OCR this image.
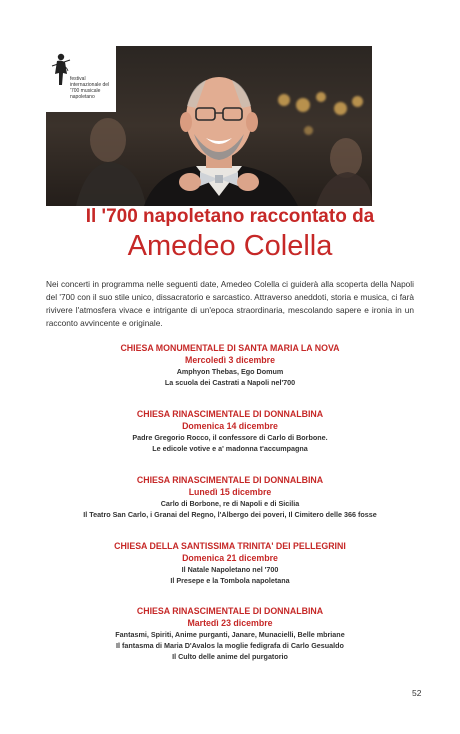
festival internazionale del '700 musicale napoletano
Il '700 napoletano raccontato da
Amedeo Colella
Nei concerti in programma nelle seguenti date, Amedeo Colella ci guiderà alla scoperta della Napoli del '700 con il suo stile unico, dissacratorio e sarcastico. Attraverso aneddoti, storia e musica, ci farà rivivere l'atmosfera vivace e intrigante di un'epoca straordinaria, mescolando sapere e ironia in un racconto avvincente e originale.
CHIESA MONUMENTALE DI SANTA MARIA LA NOVA
Mercoledì 3 dicembre
Amphyon Thebas, Ego Domum
La scuola dei Castrati a Napoli nel'700
CHIESA RINASCIMENTALE DI DONNALBINA
Domenica 14 dicembre
Padre Gregorio Rocco, il confessore di Carlo di Borbone.
Le edicole votive e a' madonna t'accumpagna
CHIESA RINASCIMENTALE DI DONNALBINA
Lunedì 15 dicembre
Carlo di Borbone, re di Napoli e di Sicilia
Il Teatro San Carlo, i Granai del Regno, l'Albergo dei poveri, Il Cimitero delle 366 fosse
CHIESA DELLA SANTISSIMA TRINITA' DEI PELLEGRINI
Domenica 21 dicembre
Il Natale Napoletano nel '700
Il Presepe e la Tombola napoletana
CHIESA RINASCIMENTALE DI DONNALBINA
Martedì 23 dicembre
Fantasmi, Spiriti, Anime purganti, Janare, Munacielli, Belle mbriane
Il fantasma di Maria D'Avalos la moglie fedigrafa di Carlo Gesualdo
Il Culto delle anime del purgatorio
52
